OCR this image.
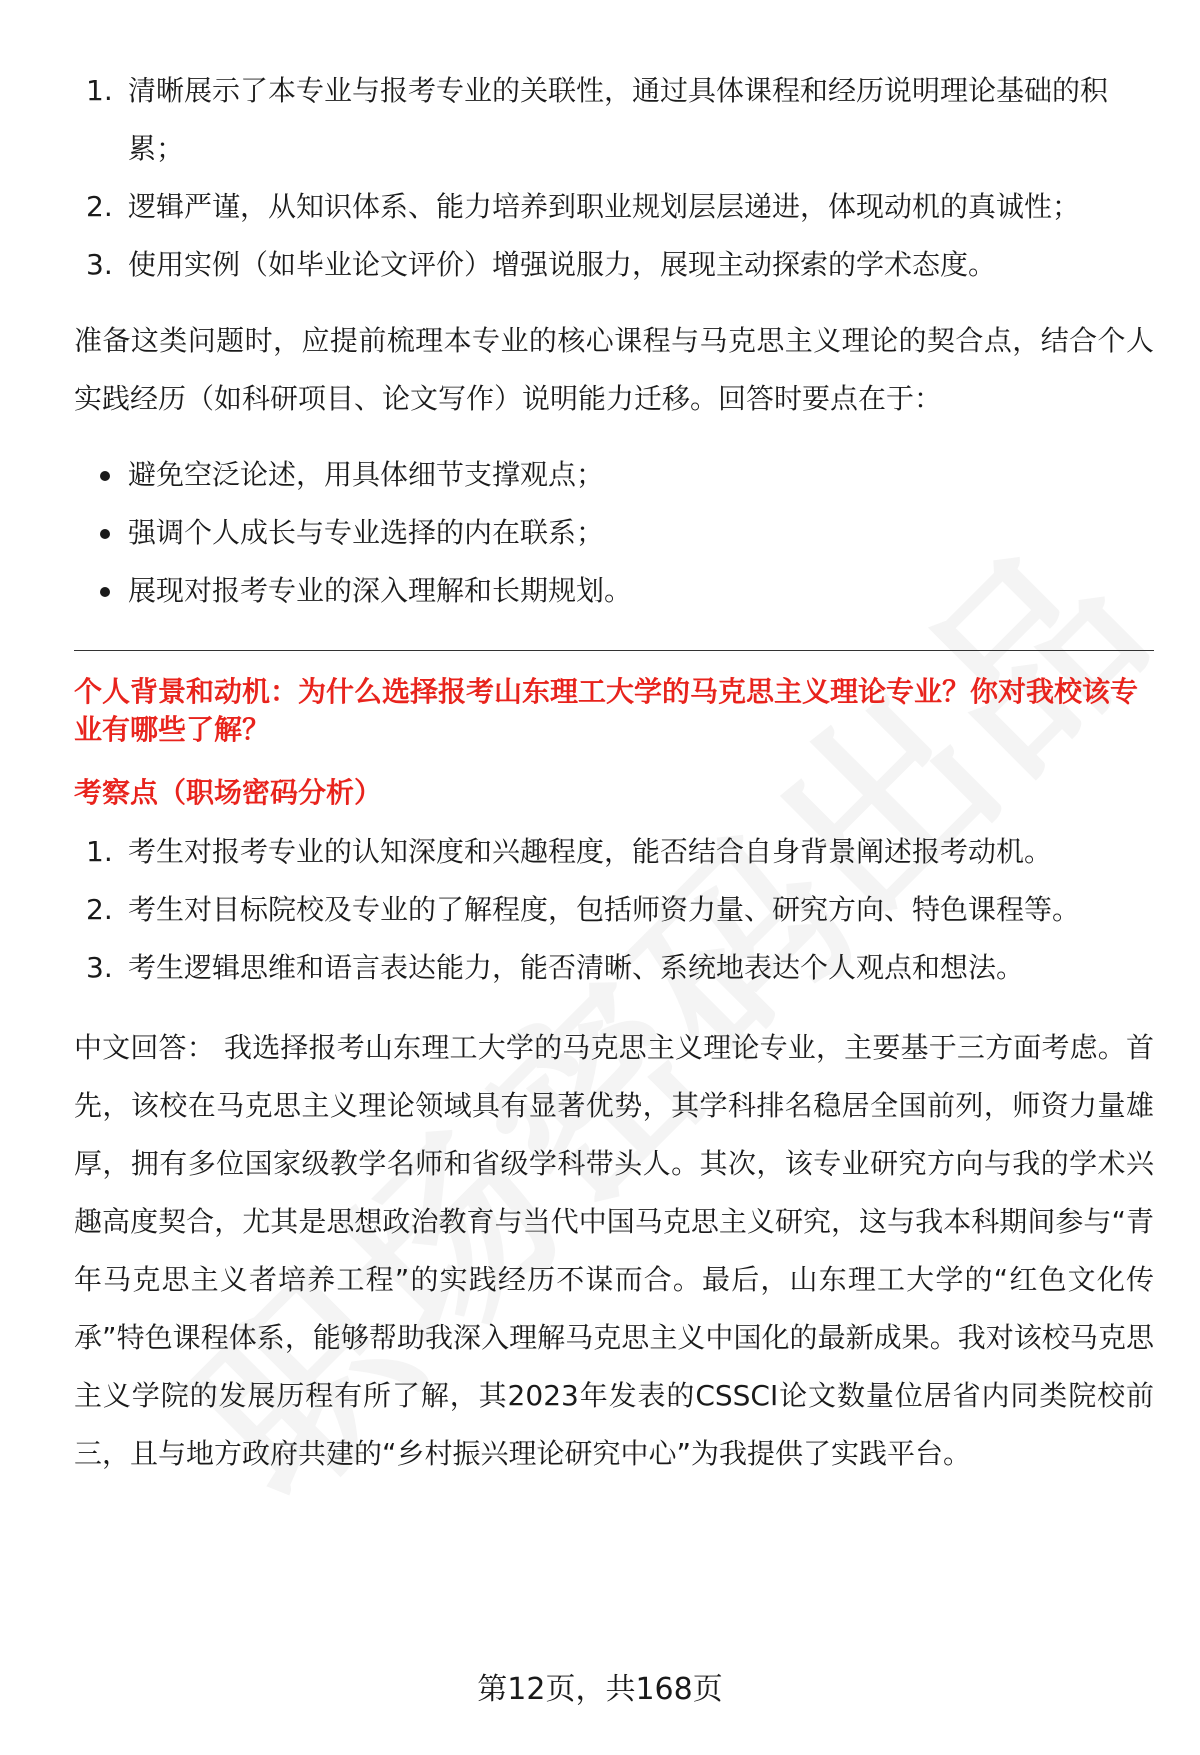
1. 清晰展示了本专业与报考专业的关联性，通过具体课程和经历说明理论基础的积累；
2. 逻辑严谨，从知识体系、能力培养到职业规划层层递进，体现动机的真诚性；
3. 使用实例（如毕业论文评价）增强说服力，展现主动探索的学术态度。

准备这类问题时，应提前梳理本专业的核心课程与马克思主义理论的契合点，结合个人实践经历（如科研项目、论文写作）说明能力迁移。回答时要点在于：

避免空泛论述，用具体细节支撑观点；
强调个人成长与专业选择的内在联系；
展现对报考专业的深入理解和长期规划。
个人背景和动机：为什么选择报考山东理工大学的马克思主义理论专业？你对我校该专业有哪些了解？
考察点（职场密码分析）
1. 考生对报考专业的认知深度和兴趣程度，能否结合自身背景阐述报考动机。
2. 考生对目标院校及专业的了解程度，包括师资力量、研究方向、特色课程等。
3. 考生逻辑思维和语言表达能力，能否清晰、系统地表达个人观点和想法。

中文回答： 我选择报考山东理工大学的马克思主义理论专业，主要基于三方面考虑。首先，该校在马克思主义理论领域具有显著优势，其学科排名稳居全国前列，师资力量雄厚，拥有多位国家级教学名师和省级学科带头人。其次，该专业研究方向与我的学术兴趣高度契合，尤其是思想政治教育与当代中国马克思主义研究，这与我本科期间参与“青年马克思主义者培养工程”的实践经历不谋而合。最后，山东理工大学的“红色文化传承”特色课程体系，能够帮助我深入理解马克思主义中国化的最新成果。我对该校马克思主义学院的发展历程有所了解，其2023年发表的CSSCI论文数量位居省内同类院校前三，且与地方政府共建的“乡村振兴理论研究中心”为我提供了实践平台。

第12页，共168页
